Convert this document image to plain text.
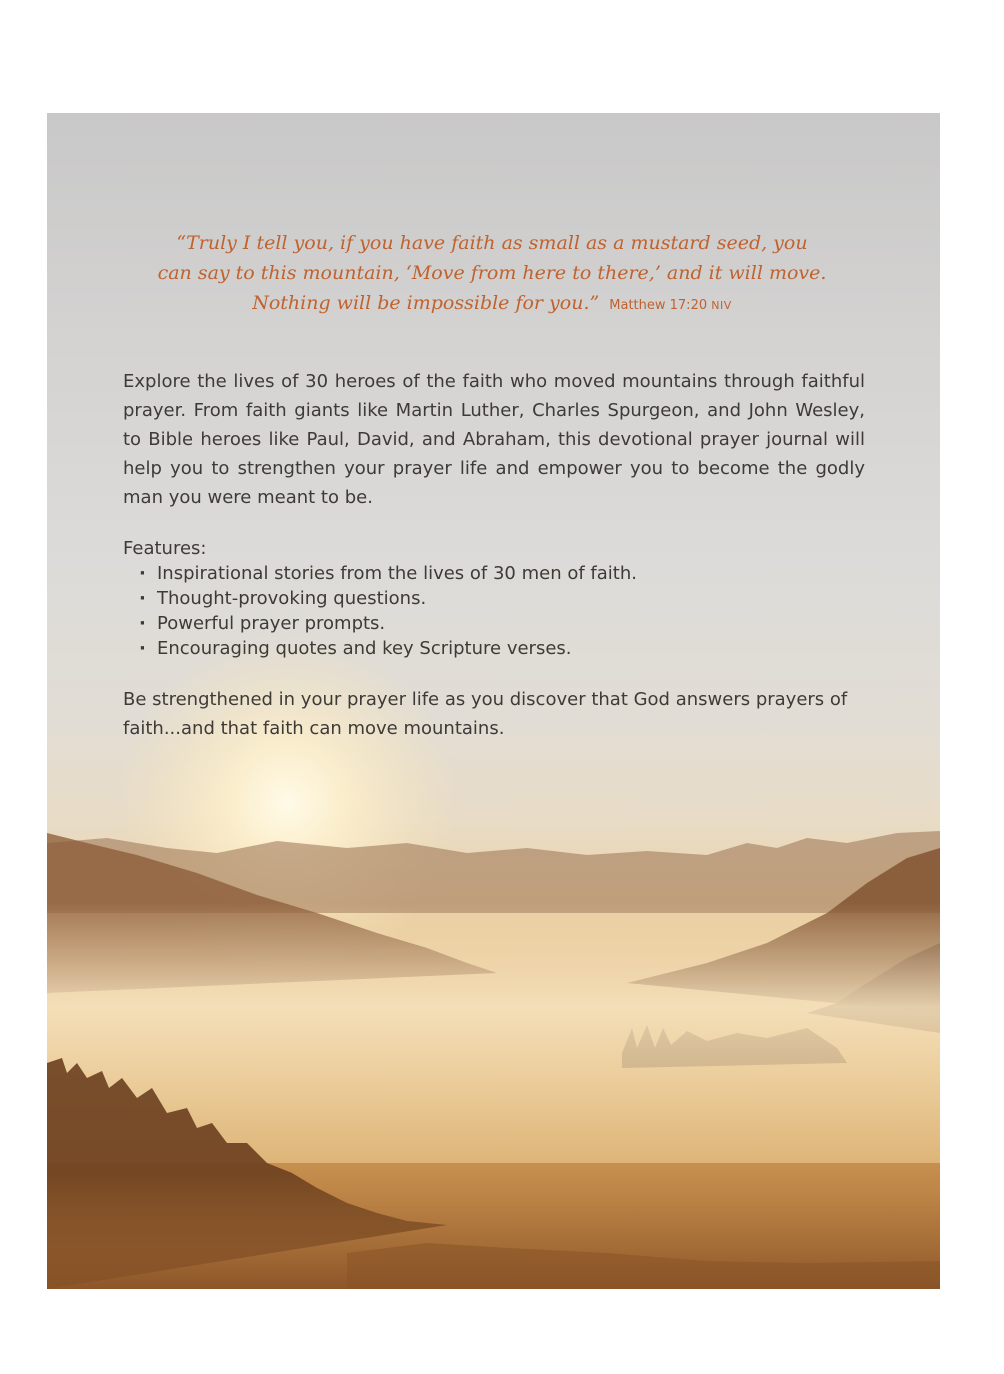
“Truly I tell you, if you have faith as small as a mustard seed, you can say to this mountain, ‘Move from here to there,’ and it will move. Nothing will be impossible for you.” Matthew 17:20 NIV
Explore the lives of 30 heroes of the faith who moved mountains through faithful prayer. From faith giants like Martin Luther, Charles Spurgeon, and John Wesley, to Bible heroes like Paul, David, and Abraham, this devotional prayer journal will help you to strengthen your prayer life and empower you to become the godly man you were meant to be.
Features:
· Inspirational stories from the lives of 30 men of faith.
· Thought-provoking questions.
· Powerful prayer prompts.
· Encouraging quotes and key Scripture verses.
Be strengthened in your prayer life as you discover that God answers prayers of faith...and that faith can move mountains.
